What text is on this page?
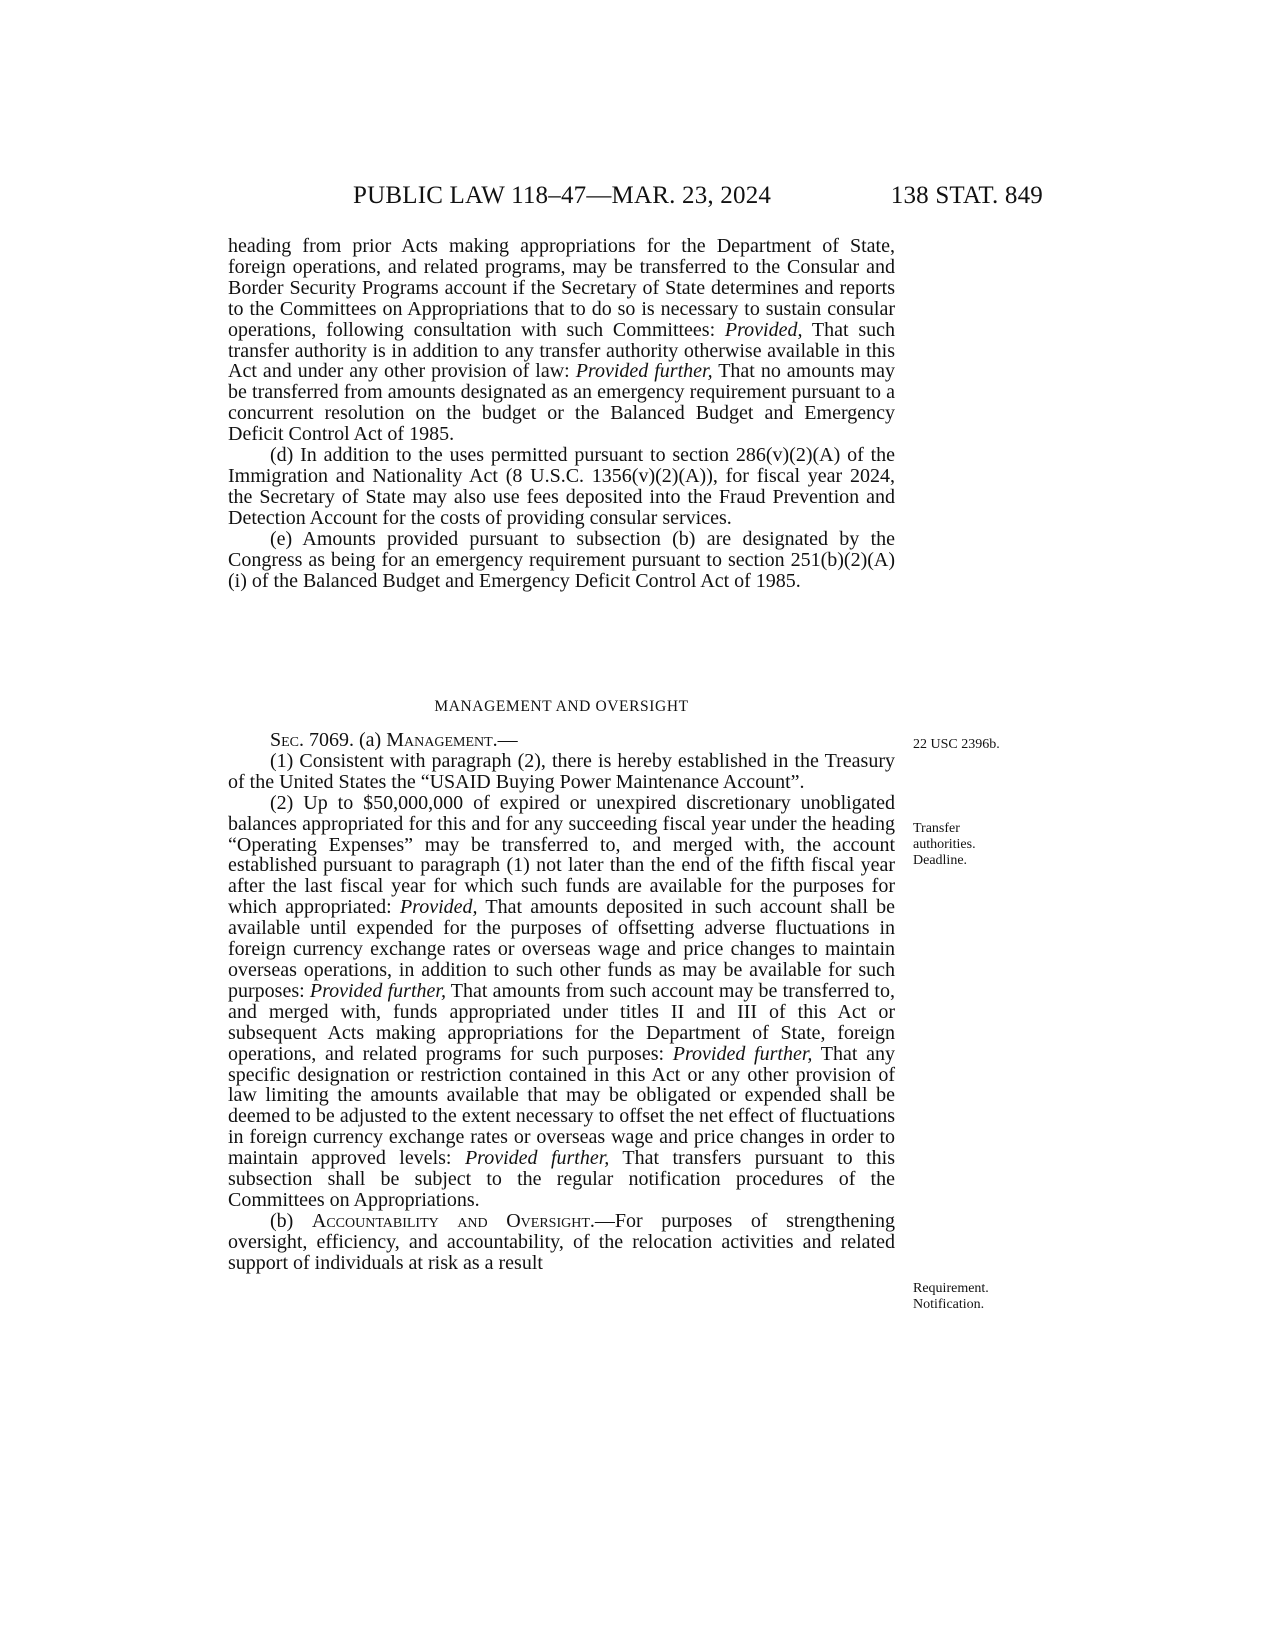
PUBLIC LAW 118–47—MAR. 23, 2024	138 STAT. 849

heading from prior Acts making appropriations for the Department of State, foreign operations, and related programs, may be transferred to the Consular and Border Security Programs account if the Secretary of State determines and reports to the Committees on Appropriations that to do so is necessary to sustain consular operations, following consultation with such Committees: Provided, That such transfer authority is in addition to any transfer authority otherwise available in this Act and under any other provision of law: Provided further, That no amounts may be transferred from amounts designated as an emergency requirement pursuant to a concurrent resolution on the budget or the Balanced Budget and Emergency Deficit Control Act of 1985.

(d) In addition to the uses permitted pursuant to section 286(v)(2)(A) of the Immigration and Nationality Act (8 U.S.C. 1356(v)(2)(A)), for fiscal year 2024, the Secretary of State may also use fees deposited into the Fraud Prevention and Detection Account for the costs of providing consular services.

(e) Amounts provided pursuant to subsection (b) are designated by the Congress as being for an emergency requirement pursuant to section 251(b)(2)(A)(i) of the Balanced Budget and Emergency Deficit Control Act of 1985.

MANAGEMENT AND OVERSIGHT

Sec. 7069. (a) Management.—

(1) Consistent with paragraph (2), there is hereby established in the Treasury of the United States the “USAID Buying Power Maintenance Account”.

(2) Up to $50,000,000 of expired or unexpired discretionary unobligated balances appropriated for this and for any succeeding fiscal year under the heading “Operating Expenses” may be transferred to, and merged with, the account established pursuant to paragraph (1) not later than the end of the fifth fiscal year after the last fiscal year for which such funds are available for the purposes for which appropriated: Provided, That amounts deposited in such account shall be available until expended for the purposes of offsetting adverse fluctuations in foreign currency exchange rates or overseas wage and price changes to maintain overseas operations, in addition to such other funds as may be available for such purposes: Provided further, That amounts from such account may be transferred to, and merged with, funds appropriated under titles II and III of this Act or subsequent Acts making appropriations for the Department of State, foreign operations, and related programs for such purposes: Provided further, That any specific designation or restriction contained in this Act or any other provision of law limiting the amounts available that may be obligated or expended shall be deemed to be adjusted to the extent necessary to offset the net effect of fluctuations in foreign currency exchange rates or overseas wage and price changes in order to maintain approved levels: Provided further, That transfers pursuant to this subsection shall be subject to the regular notification procedures of the Committees on Appropriations.

(b) Accountability and Oversight.—For purposes of strengthening oversight, efficiency, and accountability, of the relocation activities and related support of individuals at risk as a result

22 USC 2396b.
Transfer
authorities.
Deadline.
Requirement.
Notification.
